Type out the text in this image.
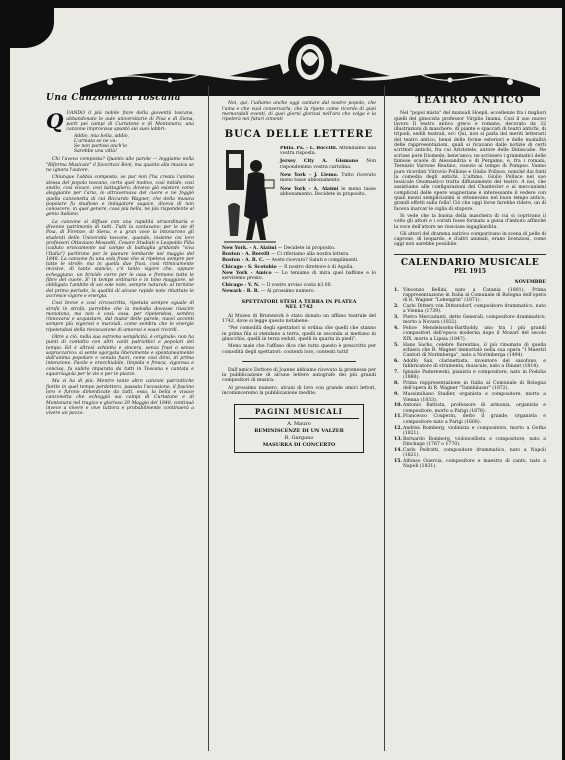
Una Canzonetta Toscana

QUANDO il più nobile fiore della gioventù toscana, abbandonate le aule universitarie di Pisa e di Siena, partì pei campi di Curtatone e di Montanara, una canzone improvvisa spuntò sui suoi labbri:

Addio, mia bella, addio,
L'armata se ne va:
Se non partissi anch'io
Sarebbe una viltà!

Chi l'aveva composta? Quanto alle parole — leggiamo nella "Riforma Musicale" il favoritoci Boni, ma quanto alla musica se ne ignora l'autore.

Chiunque l'abbia composta, se pur non l'ha creata l'anima stessa del popolo toscano, certo quel motivo, così mitido, così snello, così vivace, così battagliero, doveva già esistere come aleggiante per l'aria, lo attraversava del cuore e ne foggiò quella canzonetta di cui Riccardo Wagner, che della musica popolare fu studioso e indagatore sagace, diceva di non conoscere, in quel genere, cosa più bella, nè più rispondente al genio italiano.

La canzone si diffuse con una rapidità straordinaria e divenne patrimonio di tutti. Tutti la cantavano: per le vie di Pisa, di Firenze, di Siena, e a gran voce la intonarono gli studenti delle Università toscane, quando, insieme coi loro professori Ottaviano Mossotti, Cesare Studiati e Leopoldo Pilla (caduto eroicamente sul campo di battaglia gridando "viva l'Italia") partirono per le pianure lombarde nel maggio del 1848. La canzone fu una sola frase che si ripeteva sempre per tutte le strofe: ma in quella due frasi, così ritmicamente incisive, di tanto slancio, c'è tanto vigore che, oppure echeggiano, un brivido corre per le ossa e fremono tutte le fibre del cuore. E' in tempo ordinario e in tono maggiore, sè obbligata l'ambito di sei sole note, sempre naturali: al termine del primo periodo, la qualità di alcune rapide note ribattute le accresce vigore e energia.

Così breve e così circoscritta, ripetuta sempre eguale di strofa in strofa, parrebbe che la melodia dovesse riuscire monotona, ma non è così: essa, per ripetendosi, sembra rinnovarsi e acquistare, dal mutar delle parole, nuovi accenti sempre più vigorosi e marziali, come sembra che le energie ripetendosi della rievocazione di amorosi e soavi ricordi.

Oltre a ciò, nella sua estrema semplicità, è originale: non ha punti di contatto con altri canti patriottici e popolari del tempo. Ed è altresì schietta e sincera, senza frasi o senza sopraccarico: si sente sgorgata liberamente e spontaneamente dall'anima popolare e venuta fuori, come così dirsi, di prima intenzione. Facile e orecchiabile, limpida e fresca, vigorosa e concisa, fu subito imparata da tutti in Toscana e cantata e squarciagola per le vie e per le piazze.

Ma vi ha di più. Mentre tante altre canzoni patriottiche fiorite in quel tempo perdettero, passata l'occasione, il fascino loro e furono dimenticate da tutti, essa, la bella e vivace canzonetta che echeggiò sui campi di Curtatone e di Montanara nel tragico e glorioso 29 Maggio del 1848, continuò invece a vivere e vive tuttora e probabilmente continuerà a vivere un pezzo.

* * *

Noi, qui, l'udiamo anche oggi cantare dal nostro popolo, che l'ama e che vuol conservarla, che la ripete come ricordo di quei memorabili eventi, di quei giorni gloriosi nell'ora che volge e la ripeterà nei futuri cimenti

BUCA DELLE LETTERE
Phila. Pa. - L. Boccilli. Attendiamo una vostra risposta.
Jersey City A. Gismano Non rispondemmo vostra cartolina.
New York - J. Liemo. Tutto ricevuto meno tasse abbonamento.
New York - A. Alaimi le meno tasse abbonamento. Decidete in proposito.
New York. - A. Alaimi — Decidete in proposito.
Boston - A. Borelli — Ci riferiamo alla nostra lettera.
Boston - A. R. C. — Avete ricevuto? Saluti e complimenti.
Chicago - S. Scotobio — Il nostro direttore è di Aquila.
New York - Amico — Lo teniamo di mira quel baffone e lo serviremo presto.
Chicago - V. N. — Il vostro avviso costa $3.00.
Newark - R. R. — Al prossimo numero.
SPETTATORI STESI A TERRA IN PLATEA
NEL 1742

Al Museo di Brunswick è stato donato un affisso teatrale del 1742, dove si legge questo notabene:

"Per comodità degli spettatori si ordina che quelli che stanno in prima fila si stendano a terra, quelli in seconda si mettano in ginocchio, quelli in terza seduti, quelli in quarta in piedi".

Meno male che l'affisso dice che tutto questo è prescritto per comodità degli spettatori: contenti loro, contenti tutti!

Dall'amico Dottore di Joanne abbiamo ricevuto la promessa per la pubblicazione di alcune lettere autografe dei più grandi compositori di musica.

Al prossimo numero, alcuni di loro con grande amici lettori, incominceremo la pubblicazione inedite.

PAGINI MUSICALI
A. Mauro
REMINISCENZE DI UN VALZER
R. Gargano
MASURKA DI CONCERTO
TEATRO ANTICO

Nel "popol misto" del manuali Hoepli, eccellenze fra i migliori quelli del ginecista professor Virgilio Inama, Così il suo nuovo lavoro Il teatro antico greco e romano, decorato da 32 illustrazioni di maschere, di piante e spaccati di teatri antichi, di tripodi, sedili teatrali, ecc Qui, non si parla dei meriti letterarii del teatro antico, bensì delle forme esteriori e delle modalità delle rappresentazioni, quali si ricavano dalle notizie di certi scrittori antichi, fra cui Aristotele, autore delle Didascalie. Ne scrisse pure Diomede, bene'anco; ne scrissero i grammatici delle famose scuole di Alessandria e di Pergamo, e, fra i romani, Terenzio Varrone Reatino, vissuto al tempo di Pompeo. Vanno pure ricordati Vitruvio Pollione e Giulio Polluce, nonché dai fonti la comedia degli antichi. L'ultimo, Giulio Polluce nel suo lessicale Onomastico tratta diffusamente del teatro. A noi, che assistiamo alle configurazioni del Chantecler e ai meccanismi complicati delle opere wagneriane è interessante il vedere con quali mezzi semplicissimi si ottenevano nel buon tempo antico, grandi effetti sulla folla! Ciò che oggi forse farebbe ridere, un di faceva inarcar le ciglia di stupore.

Si vede che la buona della maschera di cui si coprivano il volto gli attori e i coristi fosse formata a guisa d'imbuto affinchè la voce dell'attore ne riuscisse ingagliardita.

Gli attori del dramma satirico comparivano in scena di pelle di caprone, di leopardo, e d'altri animali, erano licenziosi, come oggi non sarebbe possibile.

CALENDARIO MUSICALE
PEL 1915
NOVEMBRE
1. Vincenzo Bellini, nato a Catania (1801). Prima rappresentazione in Italia al Comunale di Bologna dell'opera di R. Wagner "Lohengrin" (1871).
2. Carlo Ditters von Dittersdorf, compositore drammatico, nato a Vienna (1739).
3. Pietro Mercadanti, detto Generali, compositore drammatico, morto a Novara (1832).
4. Felice Mendelssohn-Bartholdy, uno tra i più grandi compositori dell'epoca moderna dopo il Mozart del secolo XIX, morto a Lipsia (1847).
5. Hans Sachs, celebre fiorentino, il più rinomato di quella schiera che R. Wagner immortalò nella sua opera "I Maestri Cantori di Norimberga", nato a Norimberga (1494).
6. Adolfo Sax, clarinettista, inventore del saxofono, e fabbricatore di strumenta, musicale, nato a Dinant (1814).
7. Ignazio Paderewski, pianista e compositore, nato in Podolia (1860).
8. Prima rappresentazione in Italia al Comunale di Bologna dell'opera di R. Wagner "Tannhäuser" (1872).
9. Massimiliano Stadler, organista e compositore, morto a Vienna (1833).
10. Antonio Battista, professore di armonia, organista e compositore, morto a Parigi (1876).
11. Francesco Couperin, detto il grande, organista e compositore nato a Parigi (1668).
12. Andrea Romberg, violinista e compositore, morto a Gotha (1821).
13. Bernardo Romberg, violoncellista e compositore, nato a Dinckage (1767 o 1770).
14. Carlo Pedrotti, compositore drammatico, nato a Napoli (1821).
15. Alfonso Guercia, compositore e maestro di canto, nato a Napoli (1831).
